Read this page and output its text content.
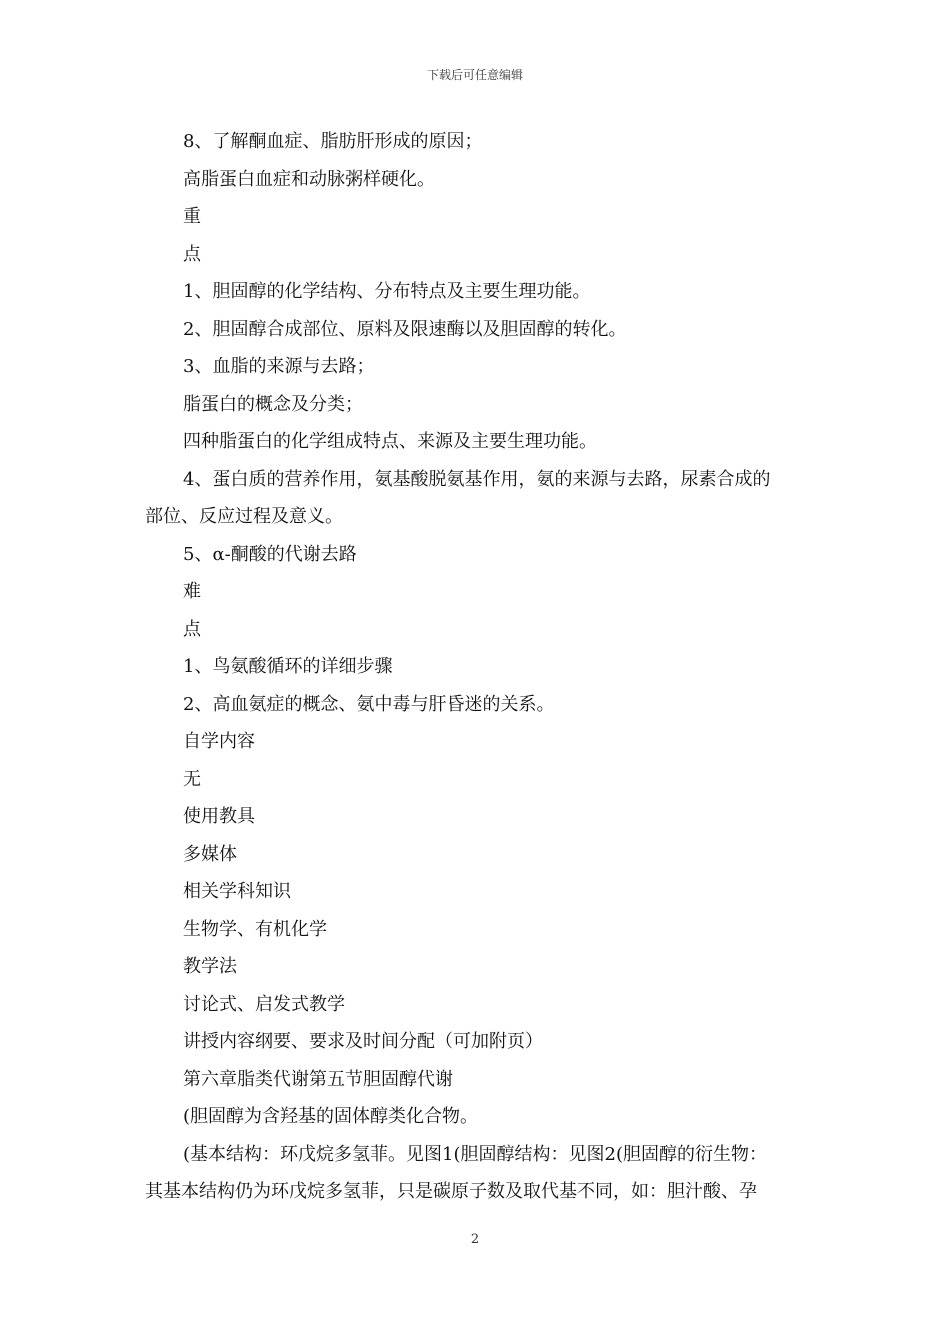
下载后可任意编辑

8、了解酮血症、脂肪肝形成的原因；

高脂蛋白血症和动脉粥样硬化。

重

点

1、胆固醇的化学结构、分布特点及主要生理功能。

2、胆固醇合成部位、原料及限速酶以及胆固醇的转化。

3、血脂的来源与去路；

脂蛋白的概念及分类；

四种脂蛋白的化学组成特点、来源及主要生理功能。

4、蛋白质的营养作用，氨基酸脱氨基作用，氨的来源与去路，尿素合成的

部位、反应过程及意义。

5、α-酮酸的代谢去路

难

点

1、鸟氨酸循环的详细步骤

2、高血氨症的概念、氨中毒与肝昏迷的关系。

自学内容

无

使用教具

多媒体

相关学科知识

生物学、有机化学

教学法

讨论式、启发式教学

讲授内容纲要、要求及时间分配（可加附页）

第六章脂类代谢第五节胆固醇代谢

(胆固醇为含羟基的固体醇类化合物。

(基本结构：环戊烷多氢菲。见图1(胆固醇结构：见图2(胆固醇的衍生物：

其基本结构仍为环戊烷多氢菲，只是碳原子数及取代基不同，如：胆汁酸、孕

2
